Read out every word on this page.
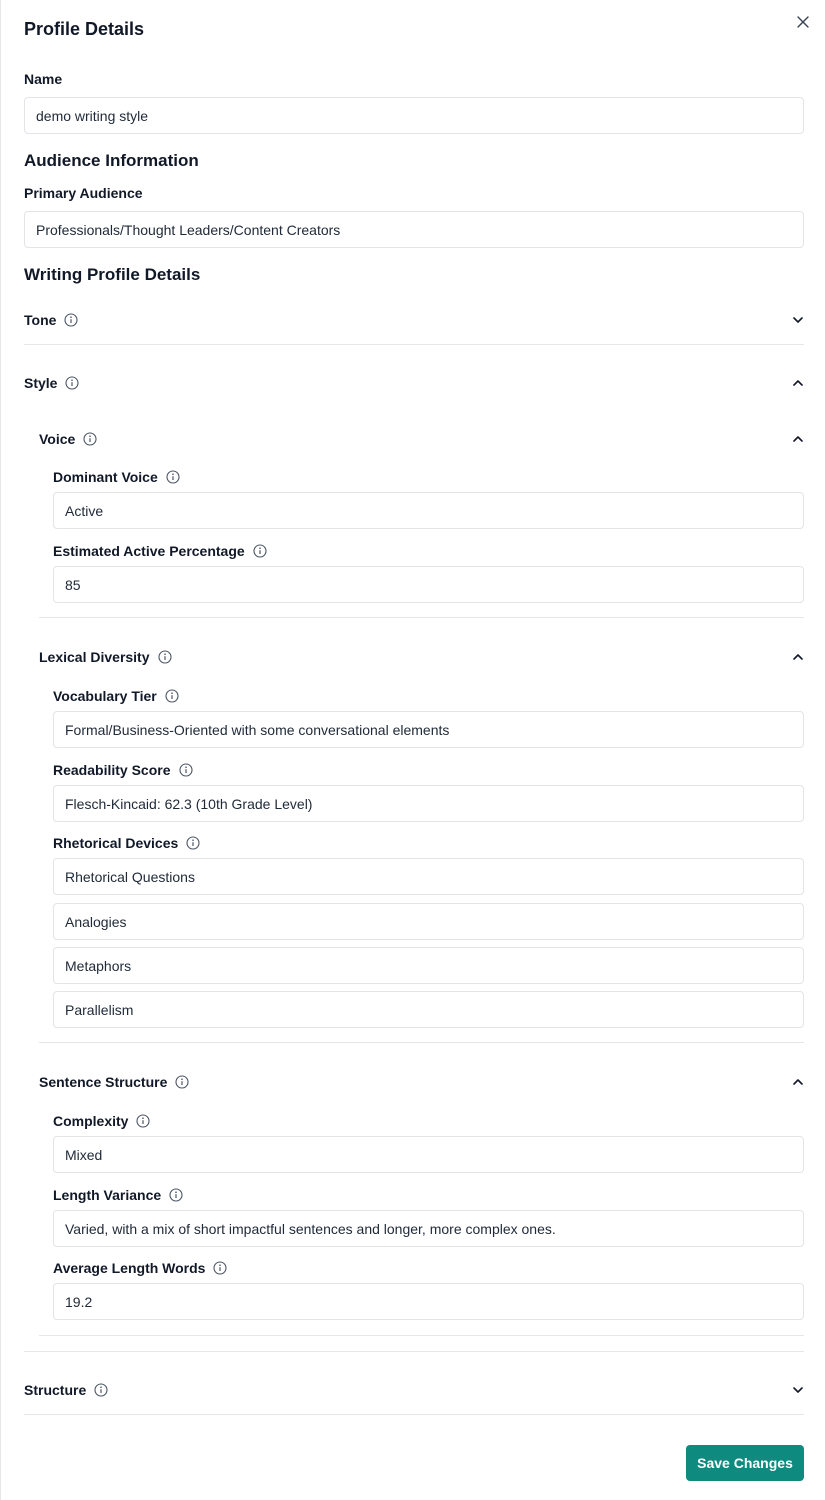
Profile Details
Name
demo writing style
Audience Information
Primary Audience
Professionals/Thought Leaders/Content Creators
Writing Profile Details
Tone
Style
Voice
Dominant Voice
Active
Estimated Active Percentage
85
Lexical Diversity
Vocabulary Tier
Formal/Business-Oriented with some conversational elements
Readability Score
Flesch-Kincaid: 62.3 (10th Grade Level)
Rhetorical Devices
Rhetorical Questions
Analogies
Metaphors
Parallelism
Sentence Structure
Complexity
Mixed
Length Variance
Varied, with a mix of short impactful sentences and longer, more complex ones.
Average Length Words
19.2
Structure
Save Changes
